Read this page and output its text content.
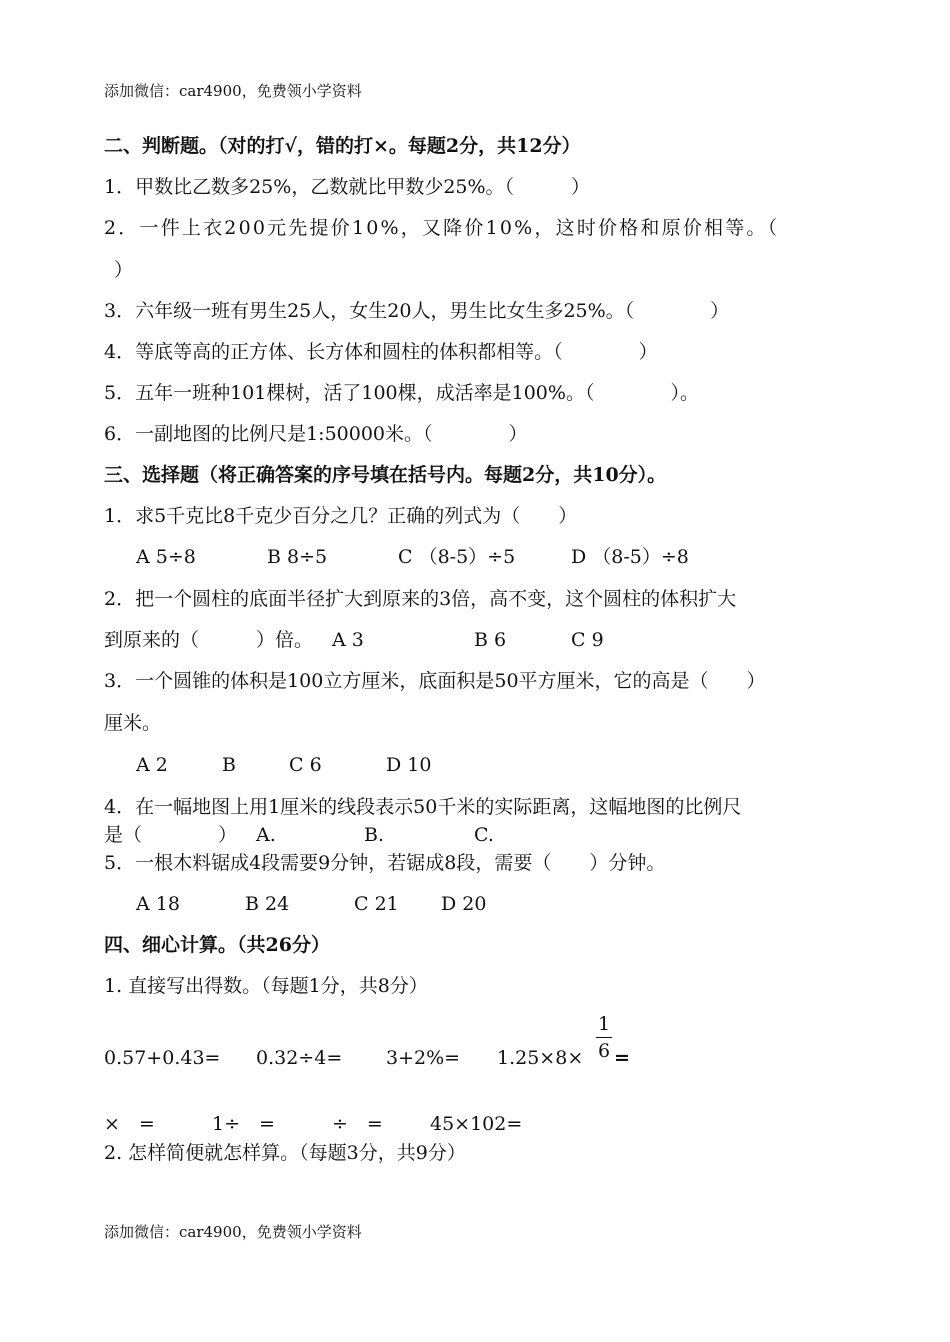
添加微信：car4900，免费领小学资料
二、判断题。（对的打√，错的打×。每题2分，共12分）
1．甲数比乙数多25%，乙数就比甲数少25%。（　　　）
2．一件上衣200元先提价10%，又降价10%，这时价格和原价相等。（
）
3．六年级一班有男生25人，女生20人，男生比女生多25%。（　　　　）
4．等底等高的正方体、长方体和圆柱的体积都相等。（　　　　）
5．五年一班种101棵树，活了100棵，成活率是100%。（　　　　）。
6．一副地图的比例尺是1:50000米。（　　　　）
三、选择题（将正确答案的序号填在括号内。每题2分，共10分）。
1．求5千克比8千克少百分之几？正确的列式为（　　）
A 5÷8	B 8÷5	C （8-5）÷5	D （8-5）÷8
2．把一个圆柱的底面半径扩大到原来的3倍，高不变，这个圆柱的体积扩大
到原来的（　　　）倍。 A 3	B 6	C 9
3．一个圆锥的体积是100立方厘米，底面积是50平方厘米，它的高是（　　）
厘米。
A 2	B	C 6	D 10
4．在一幅地图上用1厘米的线段表示50千米的实际距离，这幅地图的比例尺
是（　　　　） A.	B.	C.
5．一根木料锯成4段需要9分钟，若锯成8段，需要（　　）分钟。
A 18	B 24	C 21 D 20
四、细心计算。（共26分）
1. 直接写出得数。（每题1分，共8分）
0.57+0.43= 0.32÷4= 3+2%= 1.25×8×
1
6 =
×　=	1÷　=	÷　= 45×102=
2. 怎样简便就怎样算。（每题3分，共9分）
添加微信：car4900，免费领小学资料
